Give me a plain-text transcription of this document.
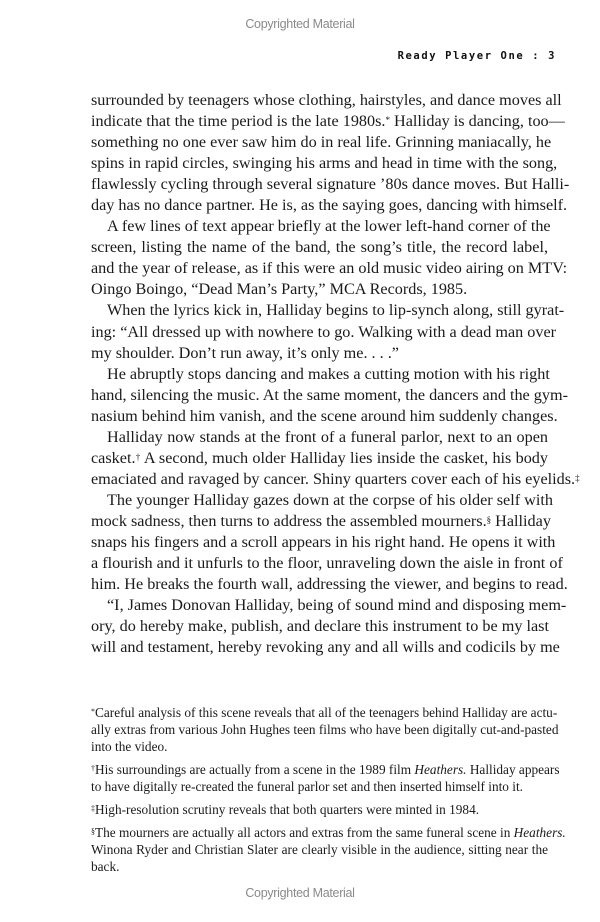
Copyrighted Material
Ready Player One : 3
surrounded by teenagers whose clothing, hairstyles, and dance moves all
indicate that the time period is the late 1980s.* Halliday is dancing, too—
something no one ever saw him do in real life. Grinning maniacally, he
spins in rapid circles, swinging his arms and head in time with the song,
flawlessly cycling through several signature ’80s dance moves. But Halli-
day has no dance partner. He is, as the saying goes, dancing with himself.
A few lines of text appear briefly at the lower left-hand corner of the
screen, listing the name of the band, the song’s title, the record label,
and the year of release, as if this were an old music video airing on MTV:
Oingo Boingo, “Dead Man’s Party,” MCA Records, 1985.
When the lyrics kick in, Halliday begins to lip-synch along, still gyrat-
ing: “All dressed up with nowhere to go. Walking with a dead man over
my shoulder. Don’t run away, it’s only me. . . .”
He abruptly stops dancing and makes a cutting motion with his right
hand, silencing the music. At the same moment, the dancers and the gym-
nasium behind him vanish, and the scene around him suddenly changes.
Halliday now stands at the front of a funeral parlor, next to an open
casket.† A second, much older Halliday lies inside the casket, his body
emaciated and ravaged by cancer. Shiny quarters cover each of his eyelids.‡
The younger Halliday gazes down at the corpse of his older self with
mock sadness, then turns to address the assembled mourners.§ Halliday
snaps his fingers and a scroll appears in his right hand. He opens it with
a flourish and it unfurls to the floor, unraveling down the aisle in front of
him. He breaks the fourth wall, addressing the viewer, and begins to read.
“I, James Donovan Halliday, being of sound mind and disposing mem-
ory, do hereby make, publish, and declare this instrument to be my last
will and testament, hereby revoking any and all wills and codicils by me
*Careful analysis of this scene reveals that all of the teenagers behind Halliday are actu-
ally extras from various John Hughes teen films who have been digitally cut-and-pasted
into the video.
†His surroundings are actually from a scene in the 1989 film Heathers. Halliday appears
to have digitally re-created the funeral parlor set and then inserted himself into it.
‡High-resolution scrutiny reveals that both quarters were minted in 1984.
§The mourners are actually all actors and extras from the same funeral scene in Heathers.
Winona Ryder and Christian Slater are clearly visible in the audience, sitting near the
back.
Copyrighted Material
